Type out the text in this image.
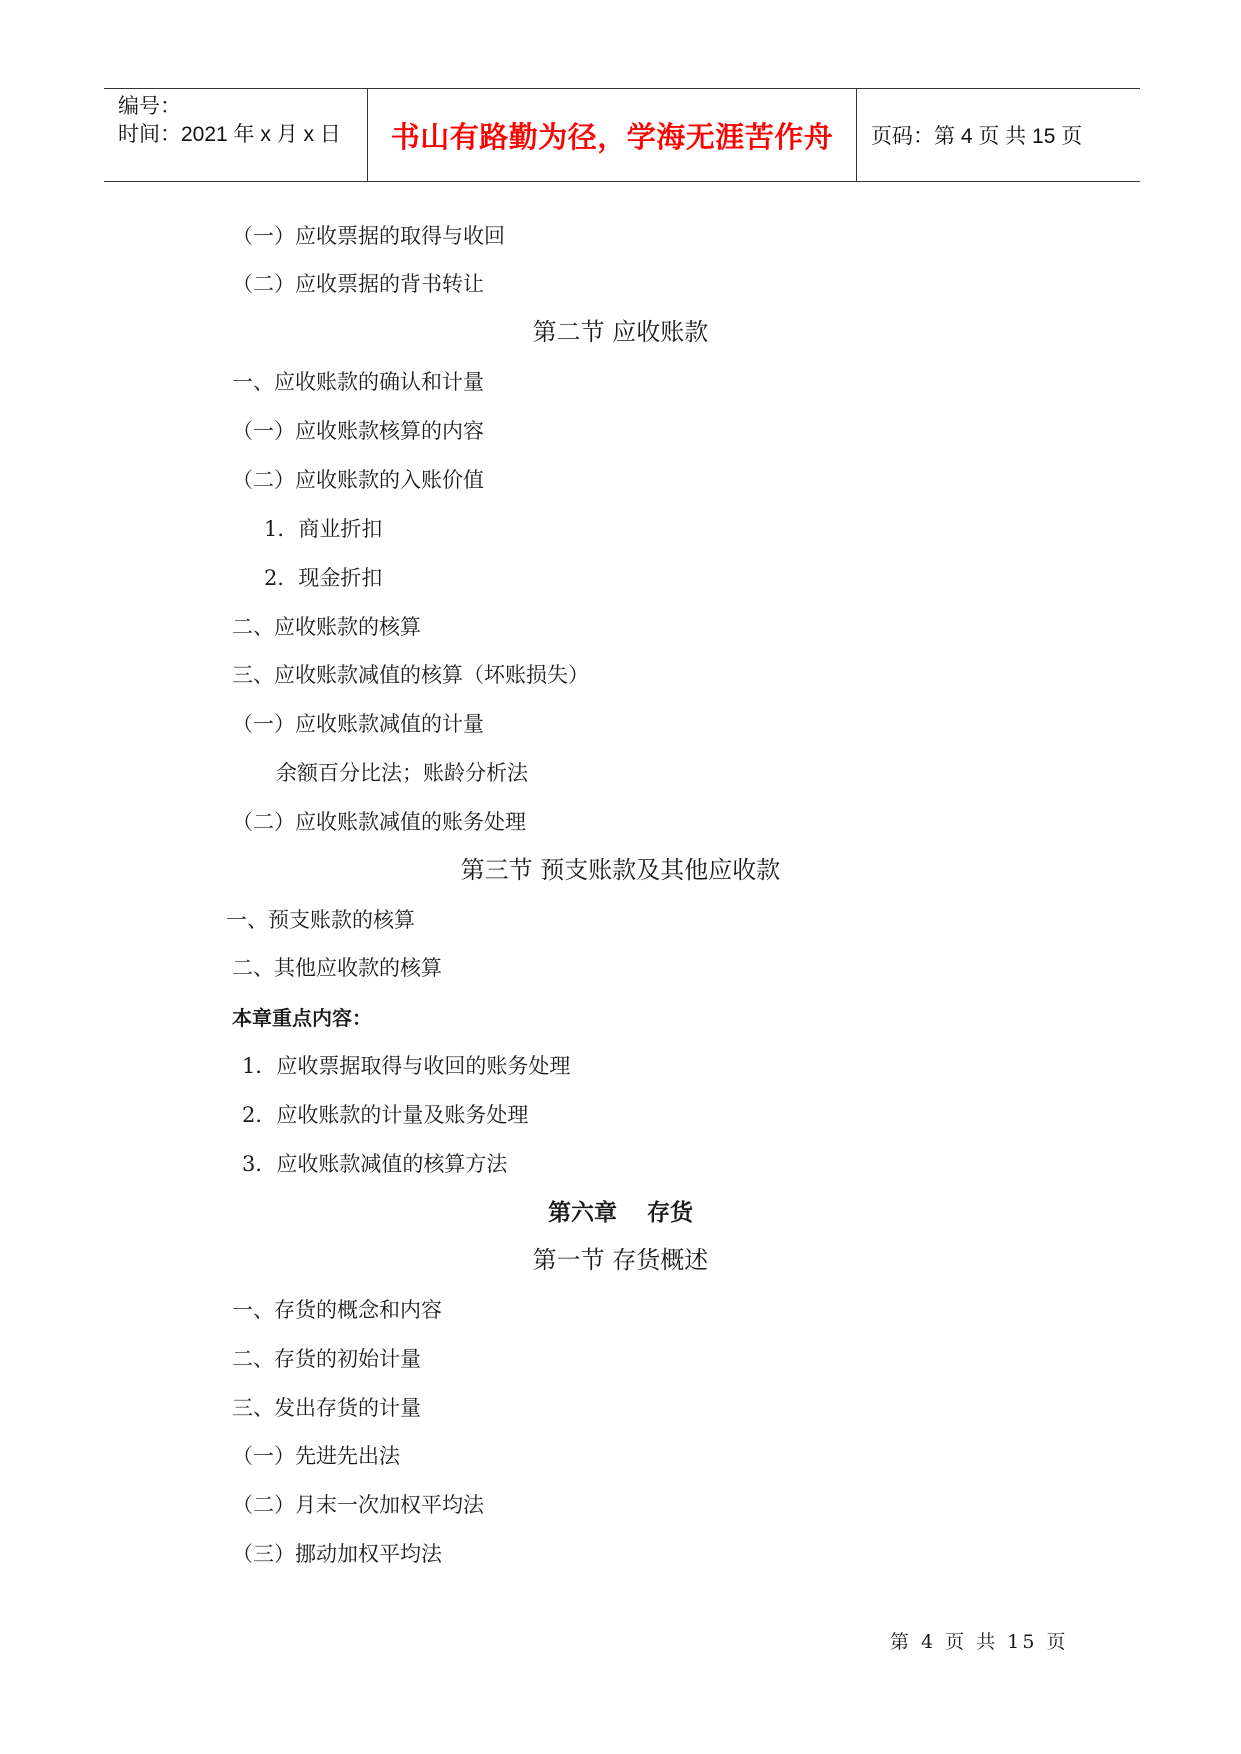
编号：
时间：2021 年 x 月 x 日	书山有路勤为径，学海无涯苦作舟	页码：第 4 页 共 15 页
（一）应收票据的取得与收回
（二）应收票据的背书转让
第二节 应收账款
一、应收账款的确认和计量
（一）应收账款核算的内容
（二）应收账款的入账价值
1．商业折扣
2．现金折扣
二、应收账款的核算
三、应收账款减值的核算（坏账损失）
（一）应收账款减值的计量
余额百分比法；账龄分析法
（二）应收账款减值的账务处理
第三节 预支账款及其他应收款
一、预支账款的核算
二、其他应收款的核算
本章重点内容：
1．应收票据取得与收回的账务处理
2．应收账款的计量及账务处理
3．应收账款减值的核算方法
第六章 存货
第一节 存货概述
一、存货的概念和内容
二、存货的初始计量
三、发出存货的计量
（一）先进先出法
（二）月末一次加权平均法
（三）挪动加权平均法
第 4 页 共 15 页
